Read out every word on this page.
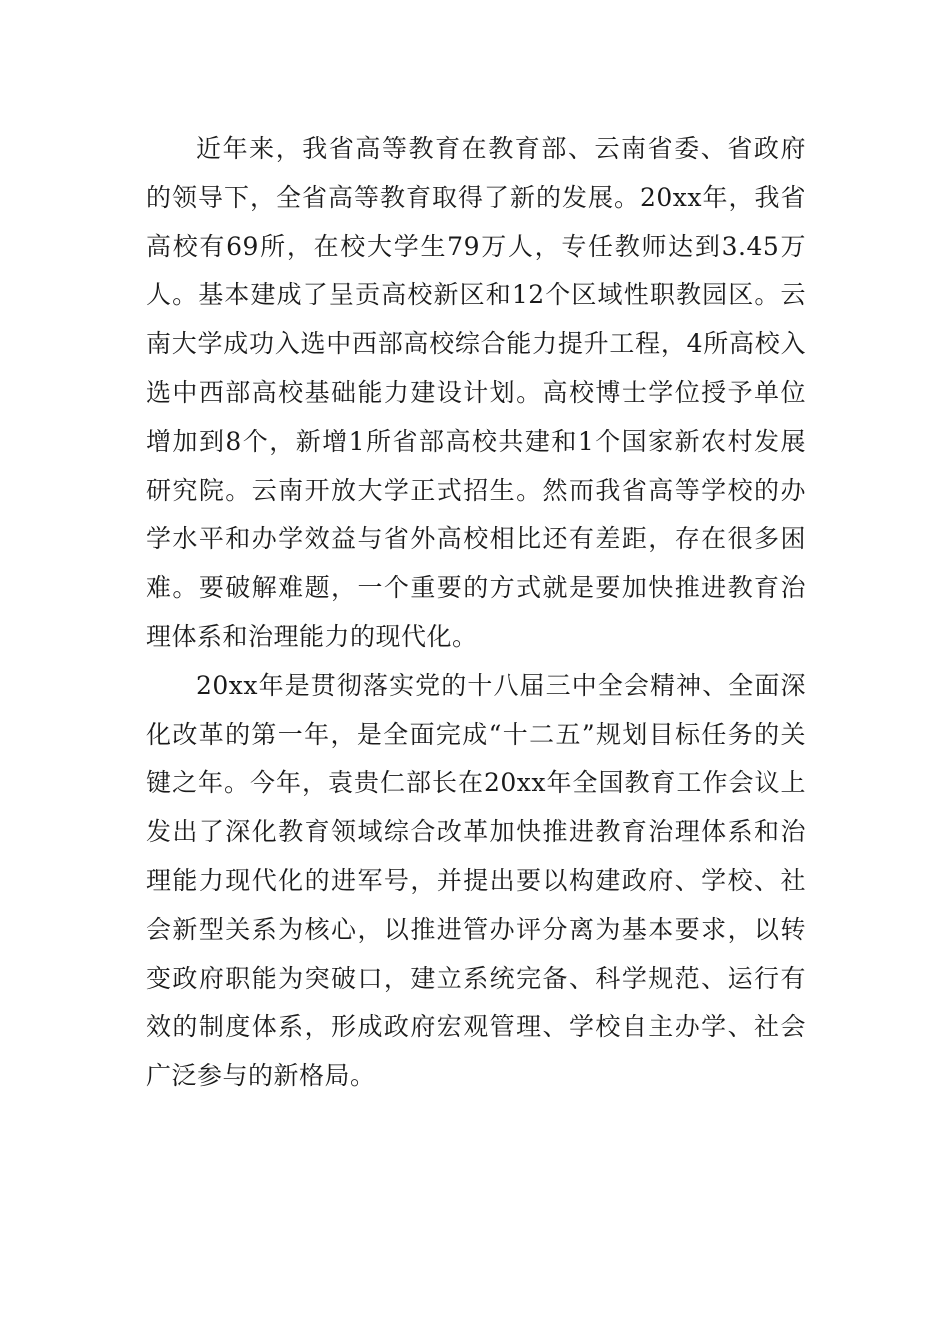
近年来，我省高等教育在教育部、云南省委、省政府的领导下，全省高等教育取得了新的发展。20xx年，我省高校有69所，在校大学生79万人，专任教师达到3.45万人。基本建成了呈贡高校新区和12个区域性职教园区。云南大学成功入选中西部高校综合能力提升工程，4所高校入选中西部高校基础能力建设计划。高校博士学位授予单位增加到8个，新增1所省部高校共建和1个国家新农村发展研究院。云南开放大学正式招生。然而我省高等学校的办学水平和办学效益与省外高校相比还有差距，存在很多困难。要破解难题，一个重要的方式就是要加快推进教育治理体系和治理能力的现代化。

20xx年是贯彻落实党的十八届三中全会精神、全面深化改革的第一年，是全面完成“十二五”规划目标任务的关键之年。今年，袁贵仁部长在20xx年全国教育工作会议上发出了深化教育领域综合改革加快推进教育治理体系和治理能力现代化的进军号，并提出要以构建政府、学校、社会新型关系为核心，以推进管办评分离为基本要求，以转变政府职能为突破口，建立系统完备、科学规范、运行有效的制度体系，形成政府宏观管理、学校自主办学、社会广泛参与的新格局。
